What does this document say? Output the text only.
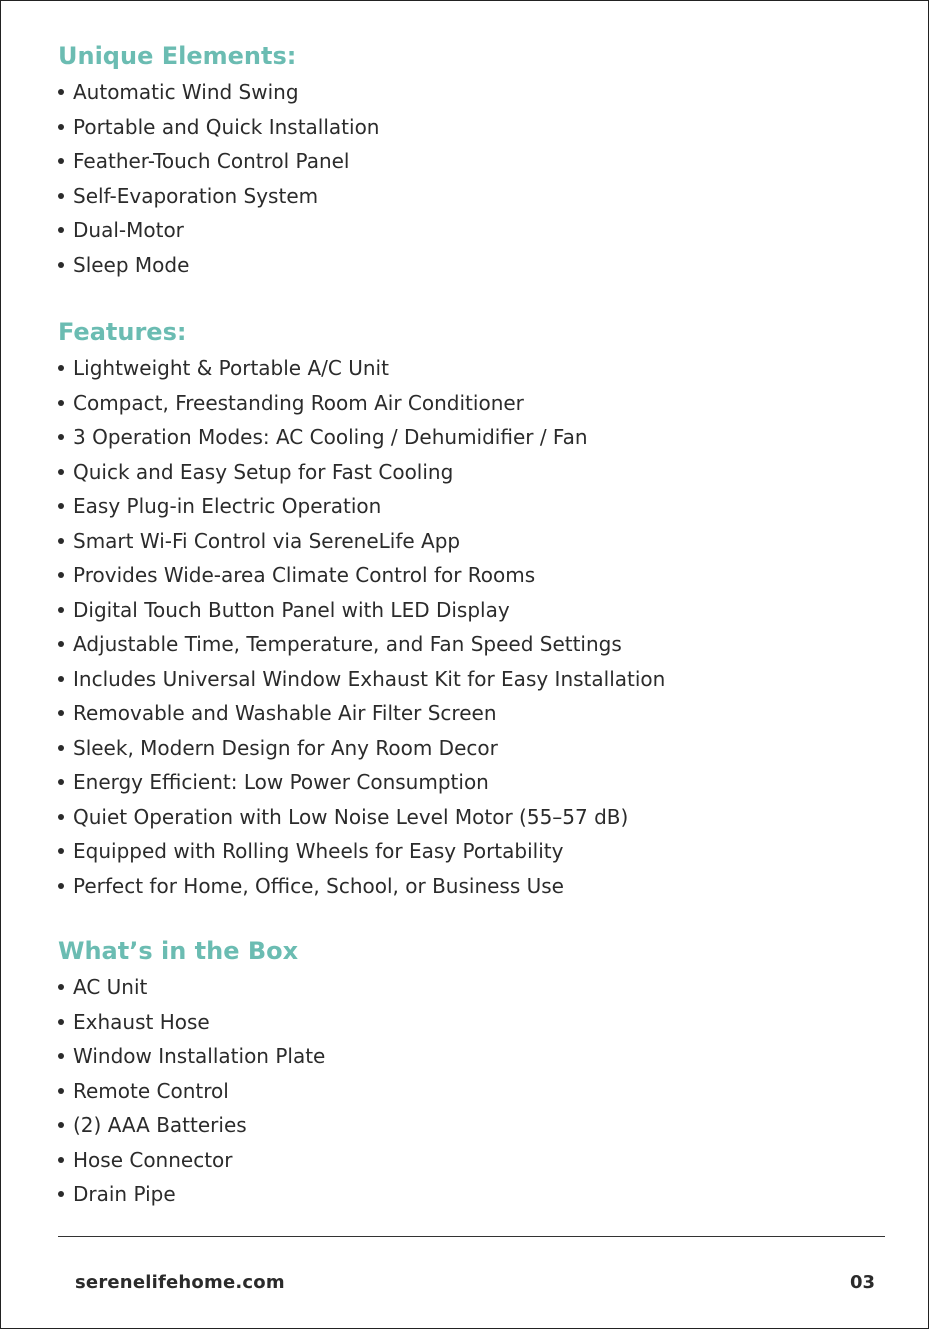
Unique Elements:
Automatic Wind Swing
Portable and Quick Installation
Feather-Touch Control Panel
Self-Evaporation System
Dual-Motor
Sleep Mode
Features:
Lightweight & Portable A/C Unit
Compact, Freestanding Room Air Conditioner
3 Operation Modes: AC Cooling / Dehumidifier / Fan
Quick and Easy Setup for Fast Cooling
Easy Plug-in Electric Operation
Smart Wi-Fi Control via SereneLife App
Provides Wide-area Climate Control for Rooms
Digital Touch Button Panel with LED Display
Adjustable Time, Temperature, and Fan Speed Settings
Includes Universal Window Exhaust Kit for Easy Installation
Removable and Washable Air Filter Screen
Sleek, Modern Design for Any Room Decor
Energy Efficient: Low Power Consumption
Quiet Operation with Low Noise Level Motor (55–57 dB)
Equipped with Rolling Wheels for Easy Portability
Perfect for Home, Office, School, or Business Use
What’s in the Box
AC Unit
Exhaust Hose
Window Installation Plate
Remote Control
(2) AAA Batteries
Hose Connector
Drain Pipe
serenelifehome.com	03
